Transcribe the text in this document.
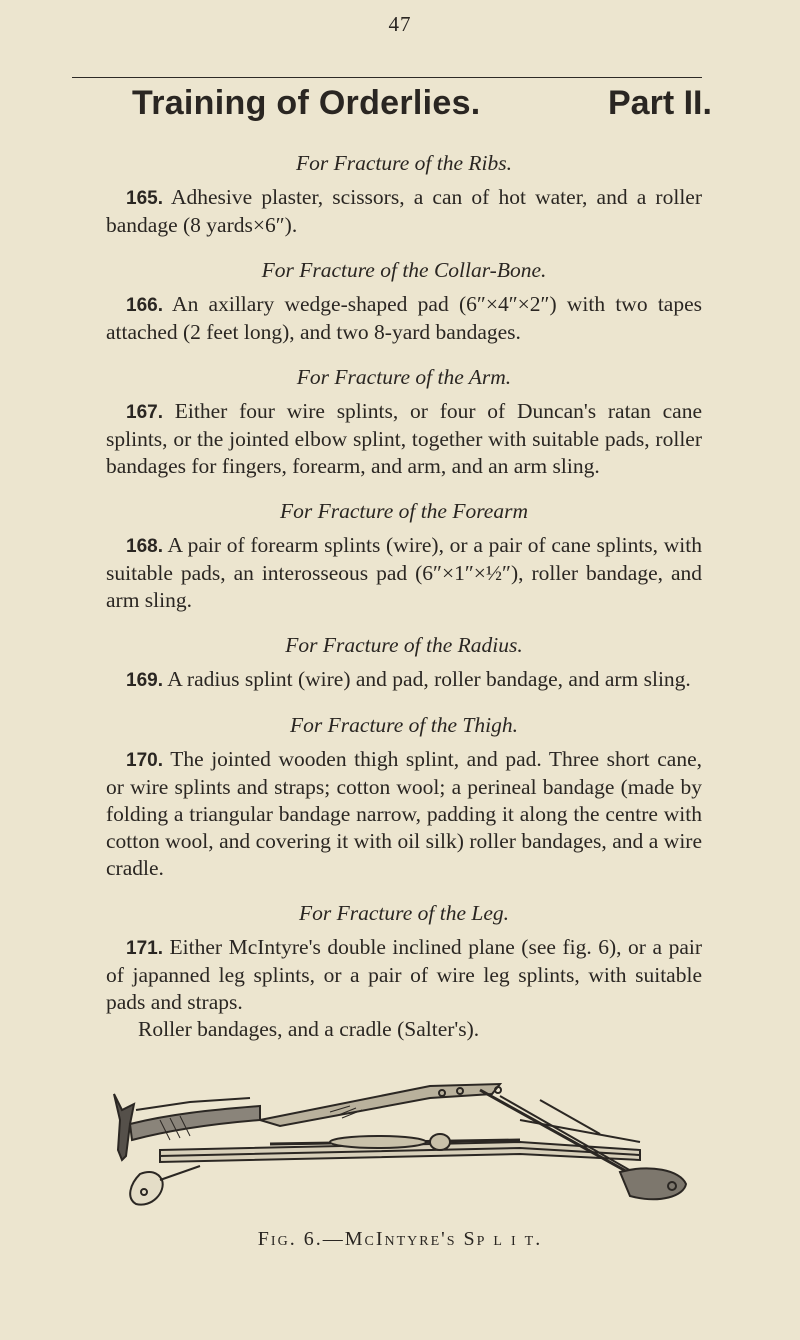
47
Training of Orderlies.	Part II.
For Fracture of the Ribs.

165. Adhesive plaster, scissors, a can of hot water, and a roller bandage (8 yards×6″).

For Fracture of the Collar-Bone.

166. An axillary wedge-shaped pad (6″×4″×2″) with two tapes attached (2 feet long), and two 8-yard bandages.

For Fracture of the Arm.

167. Either four wire splints, or four of Duncan's ratan cane splints, or the jointed elbow splint, together with suitable pads, roller bandages for fingers, forearm, and arm, and an arm sling.

For Fracture of the Forearm

168. A pair of forearm splints (wire), or a pair of cane splints, with suitable pads, an interosseous pad (6″×1″×½″), roller bandage, and arm sling.

For Fracture of the Radius.

169. A radius splint (wire) and pad, roller bandage, and arm sling.

For Fracture of the Thigh.

170. The jointed wooden thigh splint, and pad. Three short cane, or wire splints and straps; cotton wool; a perineal bandage (made by folding a triangular bandage narrow, padding it along the centre with cotton wool, and covering it with oil silk) roller bandages, and a wire cradle.

For Fracture of the Leg.

171. Either McIntyre's double inclined plane (see fig. 6), or a pair of japanned leg splints, or a pair of wire leg splints, with suitable pads and straps.

Roller bandages, and a cradle (Salter's).

Fig. 6.—McIntyre's Sp l i t.
